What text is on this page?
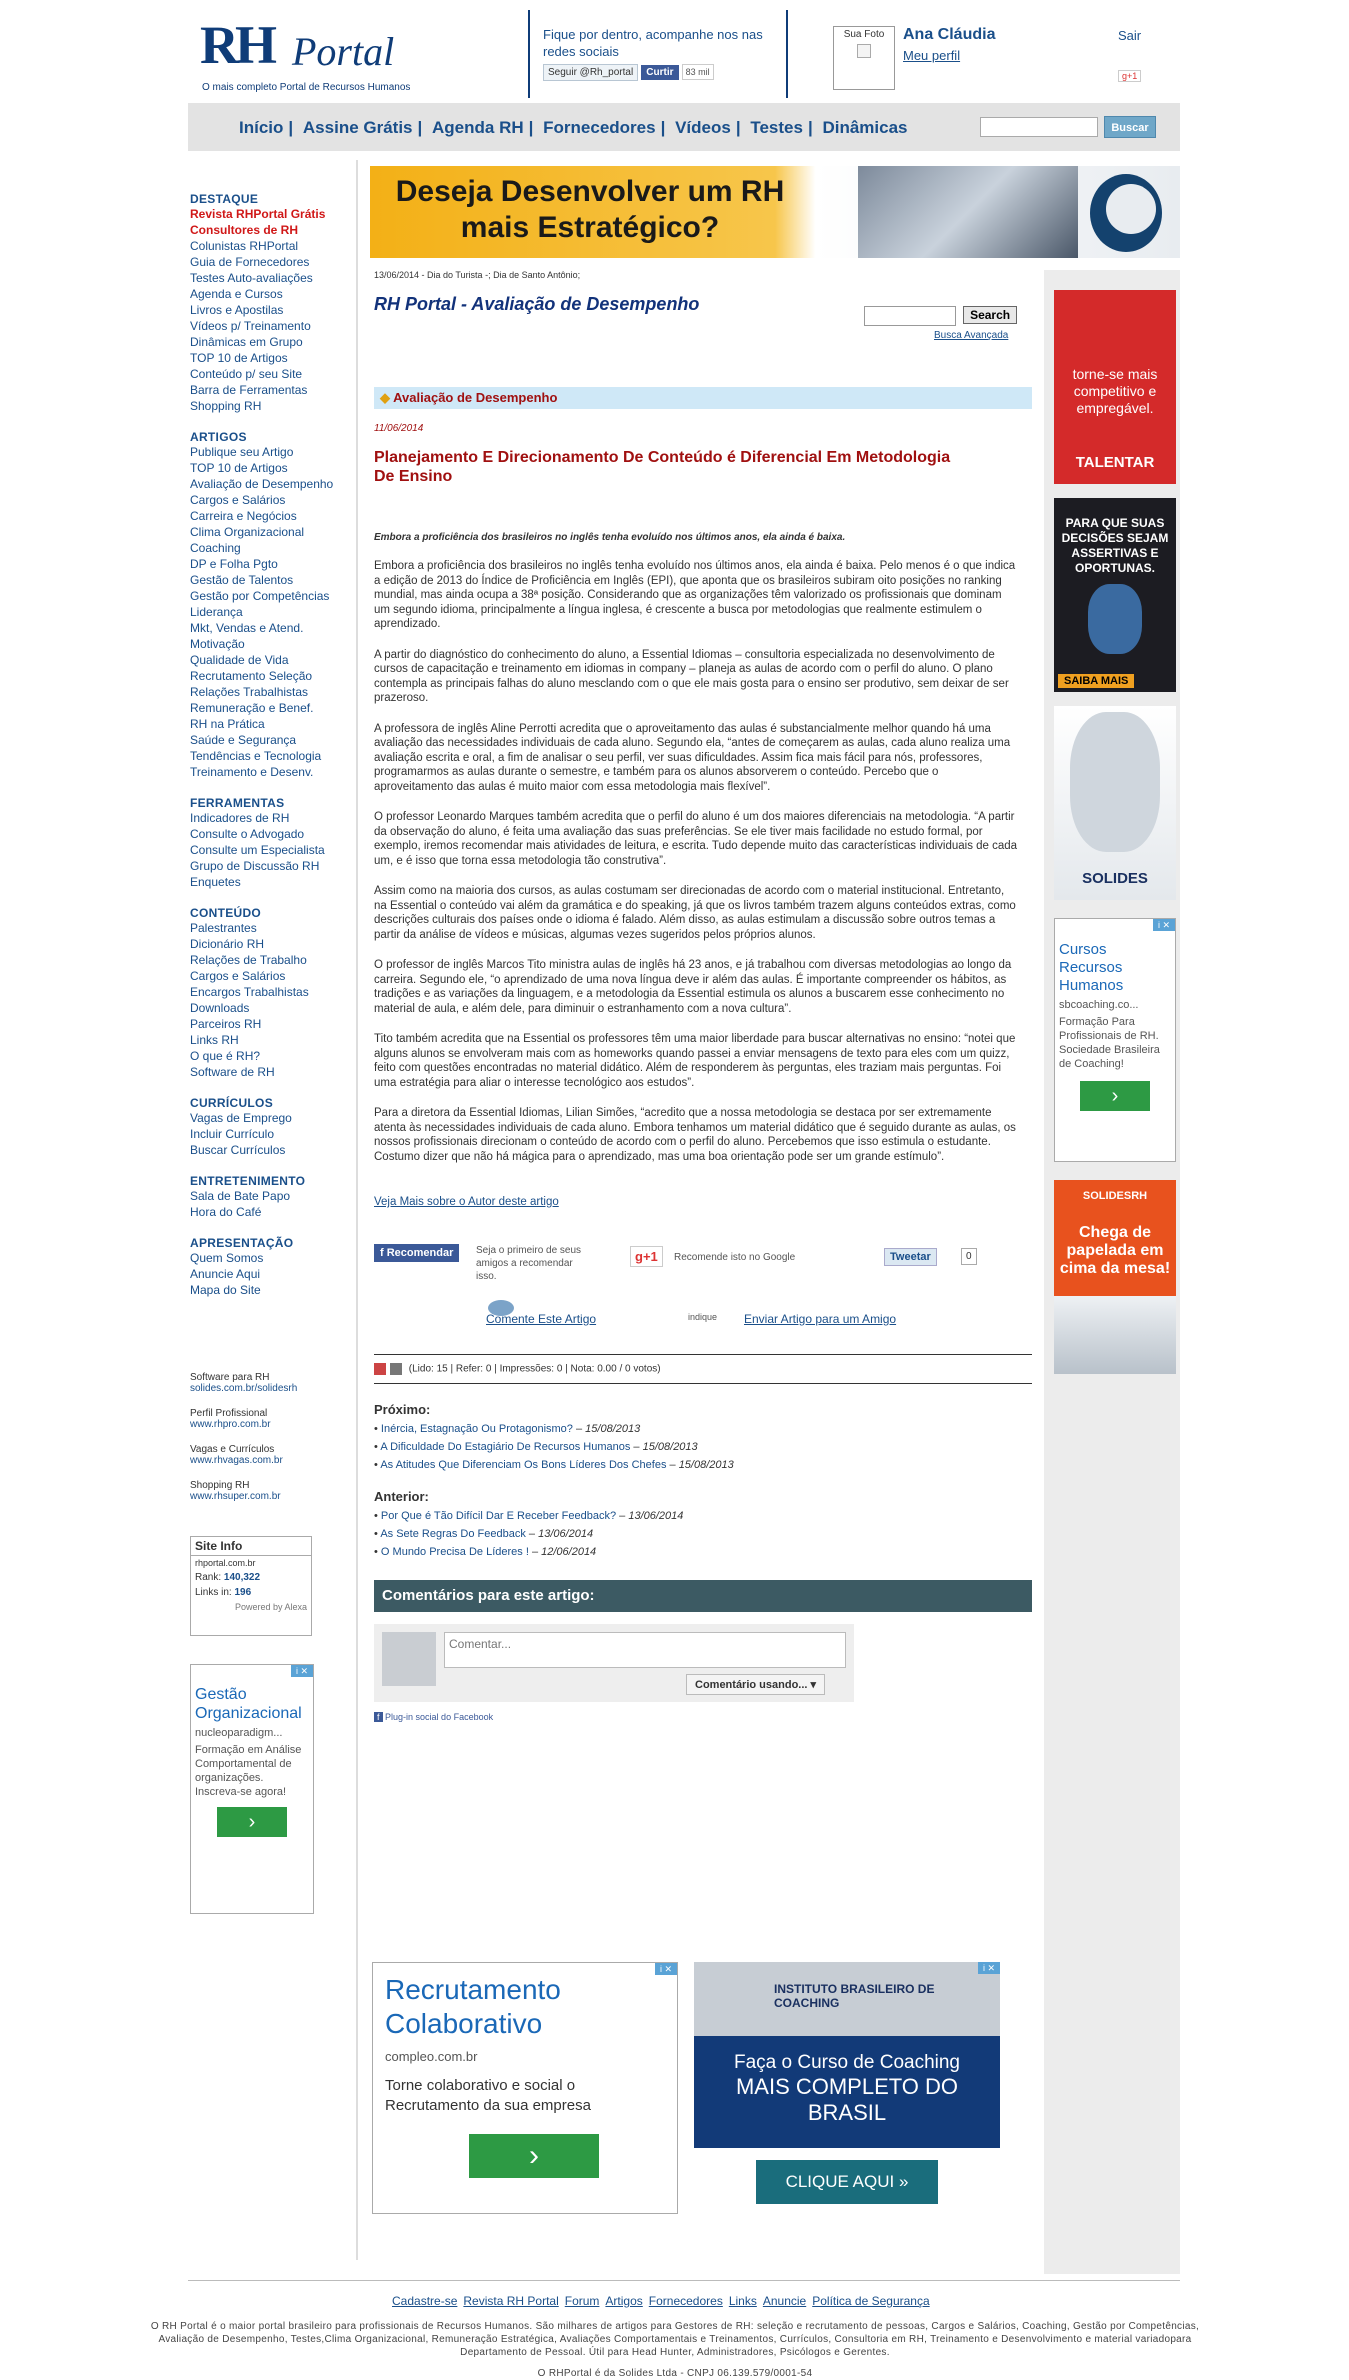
RH Portal
O mais completo Portal de Recursos Humanos
Fique por dentro, acompanhe nos nas redes sociais
Seguir @Rh_portal Curtir 83 mil
Sua Foto	Ana Cláudia
Meu perfil
Sair
g+1
Início | Assine Grátis | Agenda RH | Fornecedores | Vídeos | Testes | Dinâmicas	Buscar
DESTAQUE
Revista RHPortal Grátis
Consultores de RH
Colunistas RHPortal
Guia de Fornecedores
Testes Auto-avaliações
Agenda e Cursos
Livros e Apostilas
Vídeos p/ Treinamento
Dinâmicas em Grupo
TOP 10 de Artigos
Conteúdo p/ seu Site
Barra de Ferramentas
Shopping RH
ARTIGOS
Publique seu Artigo
TOP 10 de Artigos
Avaliação de Desempenho
Cargos e Salários
Carreira e Negócios
Clima Organizacional
Coaching
DP e Folha Pgto
Gestão de Talentos
Gestão por Competências
Liderança
Mkt, Vendas e Atend.
Motivação
Qualidade de Vida
Recrutamento Seleção
Relações Trabalhistas
Remuneração e Benef.
RH na Prática
Saúde e Segurança
Tendências e Tecnologia
Treinamento e Desenv.
FERRAMENTAS
Indicadores de RH
Consulte o Advogado
Consulte um Especialista
Grupo de Discussão RH
Enquetes
CONTEÚDO
Palestrantes
Dicionário RH
Relações de Trabalho
Cargos e Salários
Encargos Trabalhistas
Downloads
Parceiros RH
Links RH
O que é RH?
Software de RH
CURRÍCULOS
Vagas de Emprego
Incluir Currículo
Buscar Currículos
ENTRETENIMENTO
Sala de Bate Papo
Hora do Café
APRESENTAÇÃO
Quem Somos
Anuncie Aqui
Mapa do Site
Software para RH
solides.com.br/solidesrh
Perfil Profissional
www.rhpro.com.br
Vagas e Currículos
www.rhvagas.com.br
Shopping RH
www.rhsuper.com.br
Site Info
rhportal.com.br
Rank: 140,322
Links in: 196
Powered by Alexa
i ✕
Gestão Organizacional
nucleoparadigm...
Formação em Análise Comportamental de organizações. Inscreva-se agora!
›
Deseja Desenvolver um RH mais Estratégico?
13/06/2014 - Dia do Turista -; Dia de Santo Antônio;
RH Portal - Avaliação de Desempenho
Search
Busca Avançada
◆ Avaliação de Desempenho
11/06/2014
Planejamento E Direcionamento De Conteúdo é Diferencial Em Metodologia De Ensino
Embora a proficiência dos brasileiros no inglês tenha evoluído nos últimos anos, ela ainda é baixa.
Embora a proficiência dos brasileiros no inglês tenha evoluído nos últimos anos, ela ainda é baixa. Pelo menos é o que indica a edição de 2013 do Índice de Proficiência em Inglês (EPI), que aponta que os brasileiros subiram oito posições no ranking mundial, mas ainda ocupa a 38ª posição. Considerando que as organizações têm valorizado os profissionais que dominam um segundo idioma, principalmente a língua inglesa, é crescente a busca por metodologias que realmente estimulem o aprendizado.
A partir do diagnóstico do conhecimento do aluno, a Essential Idiomas – consultoria especializada no desenvolvimento de cursos de capacitação e treinamento em idiomas in company – planeja as aulas de acordo com o perfil do aluno. O plano contempla as principais falhas do aluno mesclando com o que ele mais gosta para o ensino ser produtivo, sem deixar de ser prazeroso.
A professora de inglês Aline Perrotti acredita que o aproveitamento das aulas é substancialmente melhor quando há uma avaliação das necessidades individuais de cada aluno. Segundo ela, “antes de começarem as aulas, cada aluno realiza uma avaliação escrita e oral, a fim de analisar o seu perfil, ver suas dificuldades. Assim fica mais fácil para nós, professores, programarmos as aulas durante o semestre, e também para os alunos absorverem o conteúdo. Percebo que o aproveitamento das aulas é muito maior com essa metodologia mais flexível”.
O professor Leonardo Marques também acredita que o perfil do aluno é um dos maiores diferenciais na metodologia. “A partir da observação do aluno, é feita uma avaliação das suas preferências. Se ele tiver mais facilidade no estudo formal, por exemplo, iremos recomendar mais atividades de leitura, e escrita. Tudo depende muito das características individuais de cada um, e é isso que torna essa metodologia tão construtiva”.
Assim como na maioria dos cursos, as aulas costumam ser direcionadas de acordo com o material institucional. Entretanto, na Essential o conteúdo vai além da gramática e do speaking, já que os livros também trazem alguns conteúdos extras, como descrições culturais dos países onde o idioma é falado. Além disso, as aulas estimulam a discussão sobre outros temas a partir da análise de vídeos e músicas, algumas vezes sugeridos pelos próprios alunos.
O professor de inglês Marcos Tito ministra aulas de inglês há 23 anos, e já trabalhou com diversas metodologias ao longo da carreira. Segundo ele, “o aprendizado de uma nova língua deve ir além das aulas. É importante compreender os hábitos, as tradições e as variações da linguagem, e a metodologia da Essential estimula os alunos a buscarem esse conhecimento no material de aula, e além dele, para diminuir o estranhamento com a nova cultura”.
Tito também acredita que na Essential os professores têm uma maior liberdade para buscar alternativas no ensino: “notei que alguns alunos se envolveram mais com as homeworks quando passei a enviar mensagens de texto para eles com um quizz, feito com questões encontradas no material didático. Além de responderem às perguntas, eles traziam mais perguntas. Foi uma estratégia para aliar o interesse tecnológico aos estudos”.
Para a diretora da Essential Idiomas, Lilian Simões, “acredito que a nossa metodologia se destaca por ser extremamente atenta às necessidades individuais de cada aluno. Embora tenhamos um material didático que é seguido durante as aulas, os nossos profissionais direcionam o conteúdo de acordo com o perfil do aluno. Percebemos que isso estimula o estudante. Costumo dizer que não há mágica para o aprendizado, mas uma boa orientação pode ser um grande estímulo”.
Veja Mais sobre o Autor deste artigo
f Recomendar	Seja o primeiro de seus amigos a recomendar isso.
g+1	Recomende isto no Google	Tweetar	0
Comente Este Artigo	indique Enviar Artigo para um Amigo
(Lido: 15 | Refer: 0 | Impressões: 0 | Nota: 0.00 / 0 votos)
Próximo:
• Inércia, Estagnação Ou Protagonismo? – 15/08/2013
• A Dificuldade Do Estagiário De Recursos Humanos – 15/08/2013
• As Atitudes Que Diferenciam Os Bons Líderes Dos Chefes – 15/08/2013
Anterior:
• Por Que é Tão Difícil Dar E Receber Feedback? – 13/06/2014
• As Sete Regras Do Feedback – 13/06/2014
• O Mundo Precisa De Líderes ! – 12/06/2014
Comentários para este artigo:
Comentar...
Comentário usando... ▾
f Plug-in social do Facebook
i ✕
Recrutamento Colaborativo
compleo.com.br
Torne colaborativo e social o Recrutamento da sua empresa
›
i ✕
INSTITUTO BRASILEIRO DE COACHING
Faça o Curso de Coaching
MAIS COMPLETO DO BRASIL
CLIQUE AQUI »
torne-se mais competitivo e empregável.
TALENTAR
PARA QUE SUAS DECISÕES SEJAM ASSERTIVAS E OPORTUNAS.
SAIBA MAIS
SOLIDES
i ✕
Cursos Recursos Humanos
sbcoaching.co...
Formação Para Profissionais de RH. Sociedade Brasileira de Coaching!
›
SOLIDESRH
Chega de papelada em cima da mesa!
Cadastre-se Revista RH Portal Forum Artigos Fornecedores Links Anuncie Política de Segurança
O RH Portal é o maior portal brasileiro para profissionais de Recursos Humanos. São milhares de artigos para Gestores de RH: seleção e recrutamento de pessoas, Cargos e Salários, Coaching, Gestão por Competências, Avaliação de Desempenho, Testes,Clima Organizacional, Remuneração Estratégica, Avaliações Comportamentais e Treinamentos, Currículos, Consultoria em RH, Treinamento e Desenvolvimento e material variadopara Departamento de Pessoal. Útil para Head Hunter, Administradores, Psicólogos e Gerentes.
O RHPortal é da Solides Ltda - CNPJ 06.139.579/0001-54
